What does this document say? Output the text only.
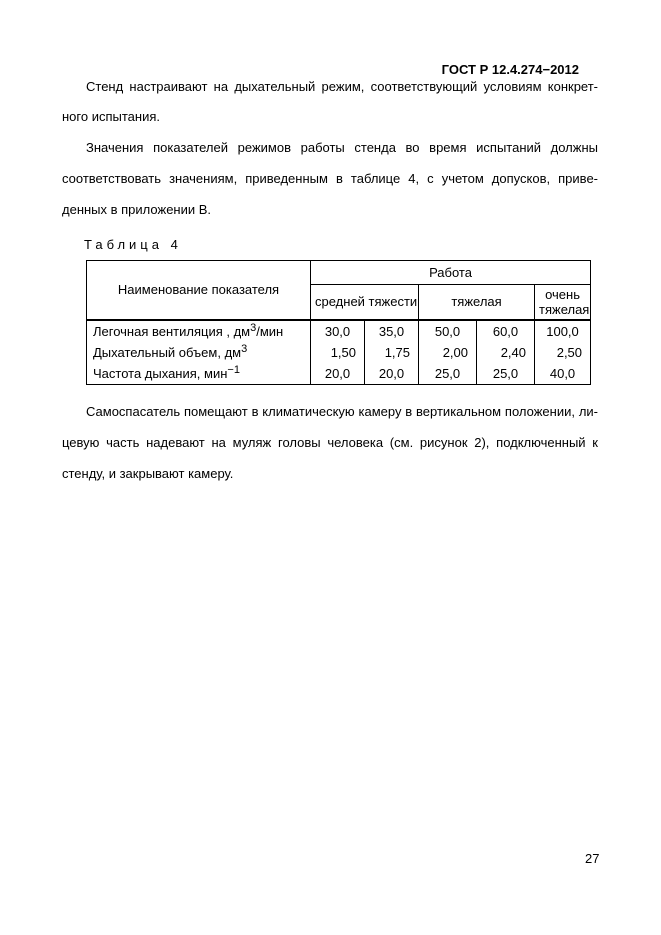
ГОСТ Р 12.4.274−2012
Стенд настраивают на дыхательный режим, соответствующий условиям конкрет-
ного испытания.
Значения показателей режимов работы стенда во время испытаний должны
соответствовать значениям, приведенным в таблице 4, с учетом допусков, приве-
денных в приложении В.
Таблица 4
Наименование показателя	Работа				
	средней тяжести		тяжелая		очень
тяжелая

Легочная вентиляция , $дм^3$/мин	30,0	35,0	50,0	60,0	100,0
Дыхательный объем, $дм^3$	1,50	1,75	2,00	2,40	2,50
Частота дыхания, мин$^{-1}$	20,0	20,0	25,0	25,0	40,0
Самоспасатель помещают в климатическую камеру в вертикальном положении, ли-
цевую часть надевают на муляж головы человека (см. рисунок 2), подключенный к
стенду, и закрывают камеру.
27
